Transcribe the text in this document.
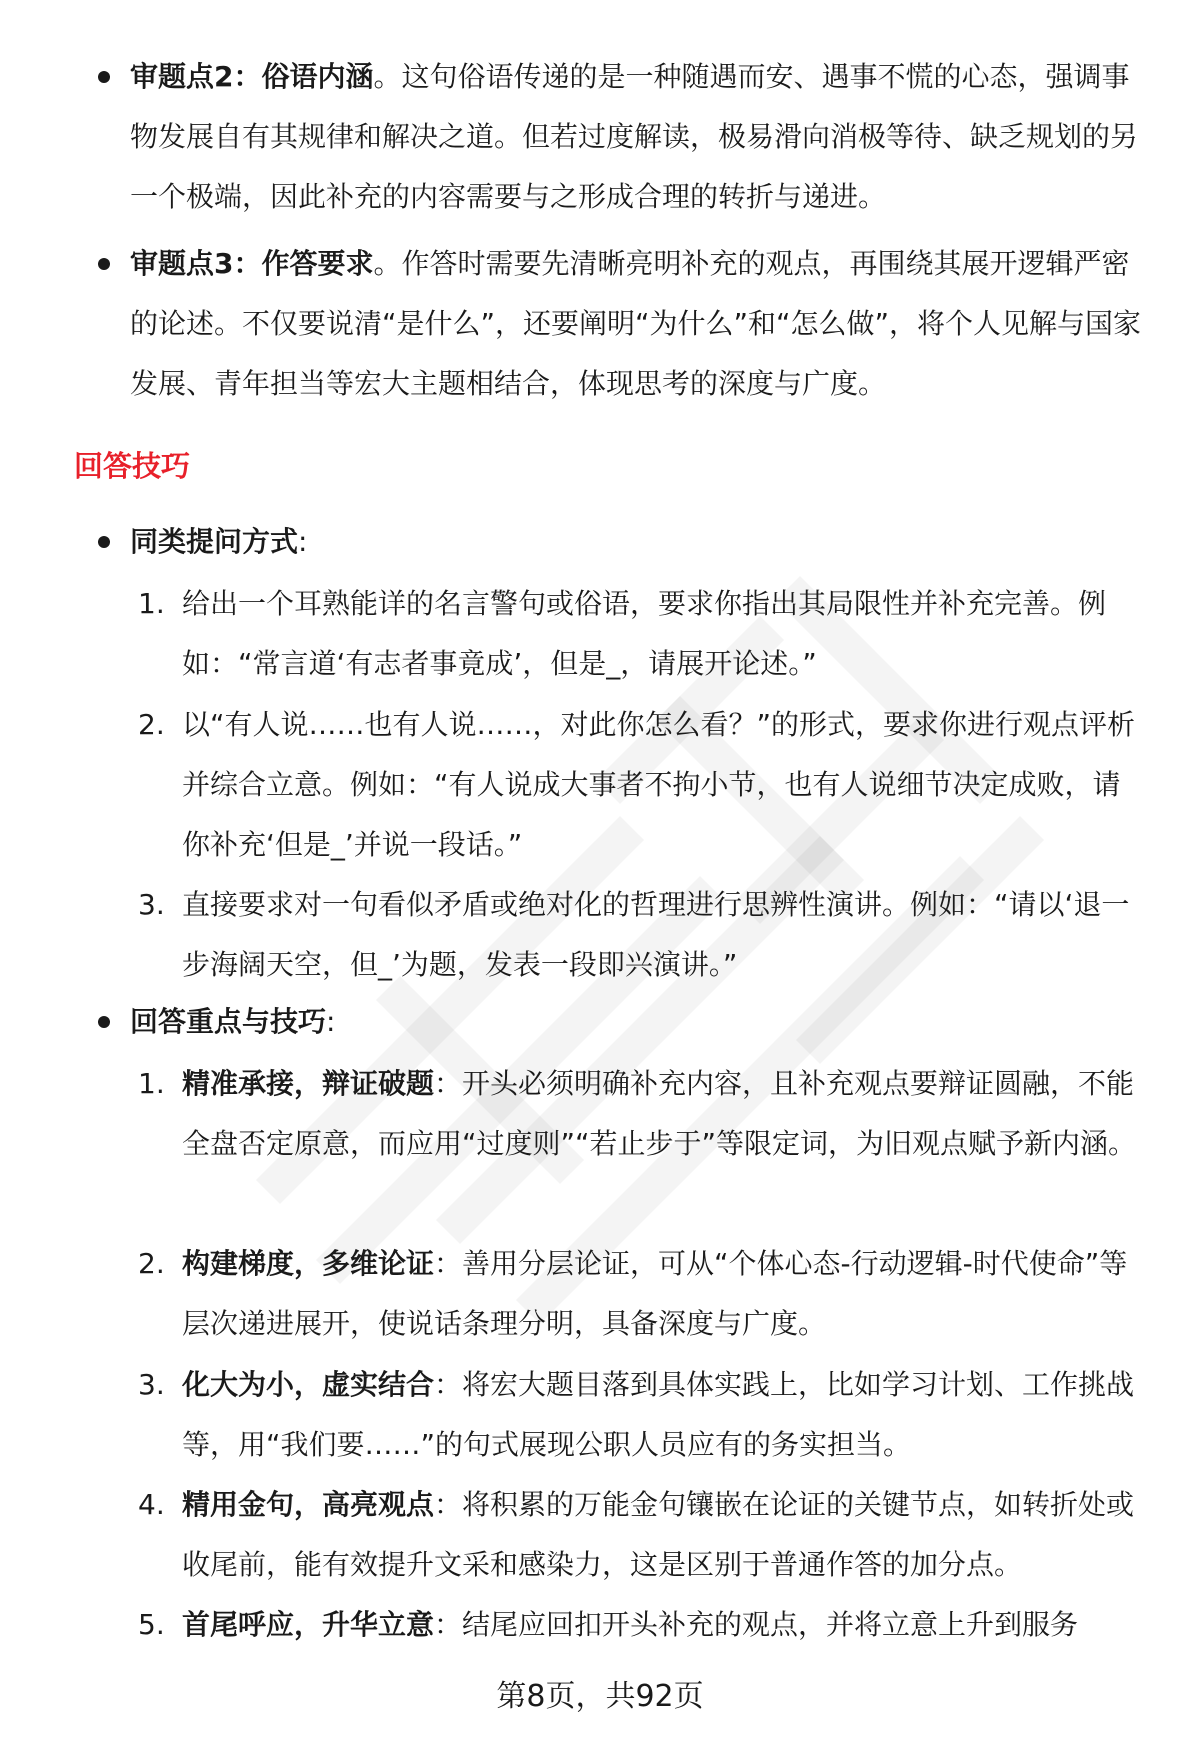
审题点2：俗语内涵。这句俗语传递的是一种随遇而安、遇事不慌的心态，强调事物发展自有其规律和解决之道。但若过度解读，极易滑向消极等待、缺乏规划的另一个极端，因此补充的内容需要与之形成合理的转折与递进。
审题点3：作答要求。作答时需要先清晰亮明补充的观点，再围绕其展开逻辑严密的论述。不仅要说清“是什么”，还要阐明“为什么”和“怎么做”，将个人见解与国家发展、青年担当等宏大主题相结合，体现思考的深度与广度。
回答技巧
同类提问方式:
1. 给出一个耳熟能详的名言警句或俗语，要求你指出其局限性并补充完善。例如：“常言道‘有志者事竟成’，但是_，请展开论述。”
2. 以“有人说……也有人说……，对此你怎么看？”的形式，要求你进行观点评析并综合立意。例如：“有人说成大事者不拘小节，也有人说细节决定成败，请你补充‘但是_’并说一段话。”
3. 直接要求对一句看似矛盾或绝对化的哲理进行思辨性演讲。例如：“请以‘退一步海阔天空，但_’为题，发表一段即兴演讲。”
回答重点与技巧:
1. 精准承接，辩证破题：开头必须明确补充内容，且补充观点要辩证圆融，不能全盘否定原意，而应用“过度则”“若止步于”等限定词，为旧观点赋予新内涵。
2. 构建梯度，多维论证：善用分层论证，可从“个体心态-行动逻辑-时代使命”等层次递进展开，使说话条理分明，具备深度与广度。
3. 化大为小，虚实结合：将宏大题目落到具体实践上，比如学习计划、工作挑战等，用“我们要……”的句式展现公职人员应有的务实担当。
4. 精用金句，高亮观点：将积累的万能金句镶嵌在论证的关键节点，如转折处或收尾前，能有效提升文采和感染力，这是区别于普通作答的加分点。
5. 首尾呼应，升华立意：结尾应回扣开头补充的观点，并将立意上升到服务
第8页，共92页
